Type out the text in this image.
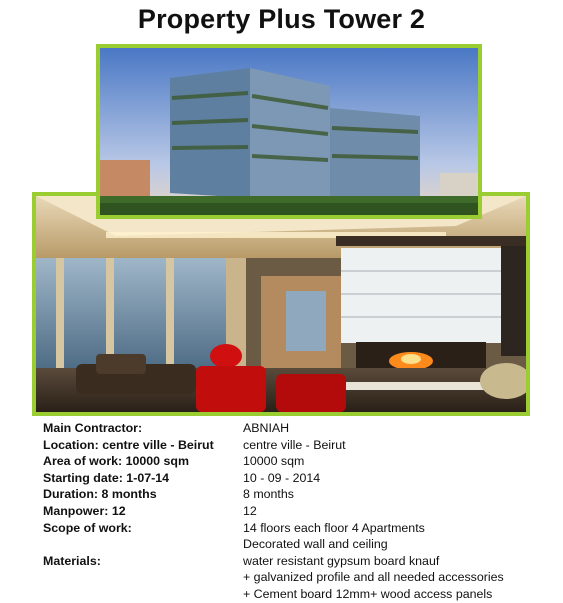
Property Plus Tower 2
Main Contractor:	ABNIAH
Location: centre ville - Beirut	centre ville - Beirut
Area of work: 10000 sqm	10000 sqm
Starting date: 1-07-14	10 - 09 - 2014
Duration: 8 months	8 months
Manpower: 12	12
Scope of work:	14 floors each floor 4 Apartments
Decorated wall and ceiling
Materials:	water resistant gypsum board knauf
+ galvanized profile and all needed accessories
+ Cement board 12mm+ wood access panels
